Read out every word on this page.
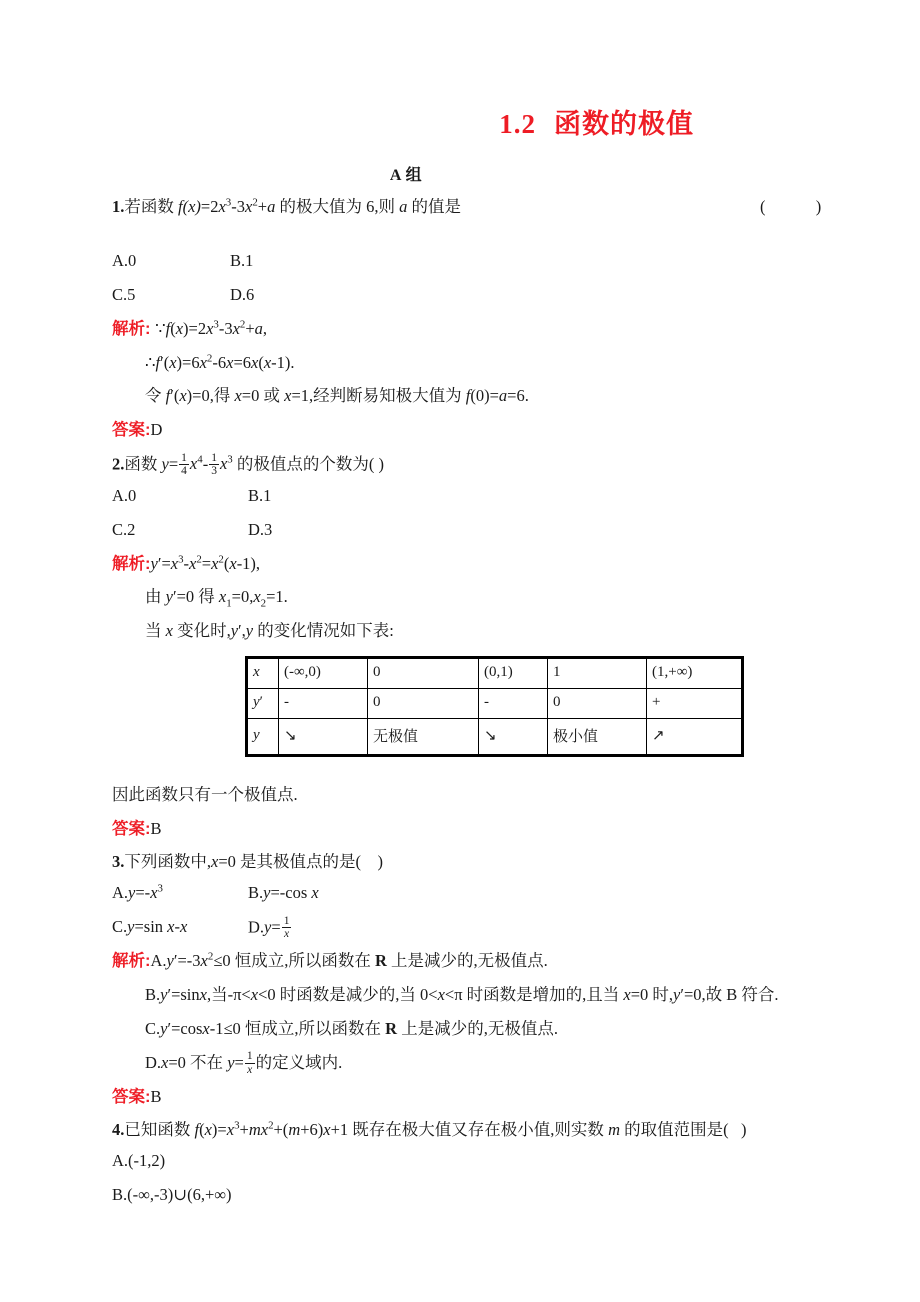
1.2 函数的极值
A 组
1.若函数 $f(x)=2x^3-3x^2+a$ 的极大值为 6,则 a 的值是	(  )
A.0	B.1
C.5	D.6
解析: $\because f(x)=2x^3-3x^2+a$,
$\therefore f'(x)=6x^2-6x=6x(x-1)$.
令 f′(x)=0,得 x=0 或 x=1,经判断易知极大值为 f(0)=a=6.
答案:D
2.函数 $y= \frac{1}{4} x^4- \frac{1}{3} x^3$ 的极值点的个数为( )
A.0	B.1
C.2	D.3
解析$:y'=x^3-x^2=x^2(x-1)$,
由 y′=0 得 $x_1=0,x_2=1$.
当 x 变化时,y′,y 的变化情况如下表:
x	(-∞,0)	0	(0,1)	1	(1,+∞)
y′	-	0	-	0	+
y	↘	无极值	↘	极小值	↗
因此函数只有一个极值点.
答案:B
3.下列函数中,x=0 是其极值点的是(    )
$A.y=-x^3$	B.y=-cos x
C.y=sin x-x	$D.y= \frac{1}{x}$
解析$:A.y'=-3x^2\le 0$ 恒成立,所以函数在 R 上是减少的,无极值点.
B.y′=sinx,当-π<x<0 时函数是减少的,当 0<x<π 时函数是增加的,且当 x=0 时,y′=0,故 B 符合.
C.y′=cosx-1≤0 恒成立,所以函数在 R 上是减少的,无极值点.
D.x=0 不在 $y= \frac{1}{x}$ 的定义域内.
答案:B
4.已知函数 $f(x)=x^3+mx^2+(m+6)x+1$ 既存在极大值又存在极小值,则实数 m 的取值范围是(   )
A.(-1,2)
B.(-∞,-3)∪(6,+∞)
